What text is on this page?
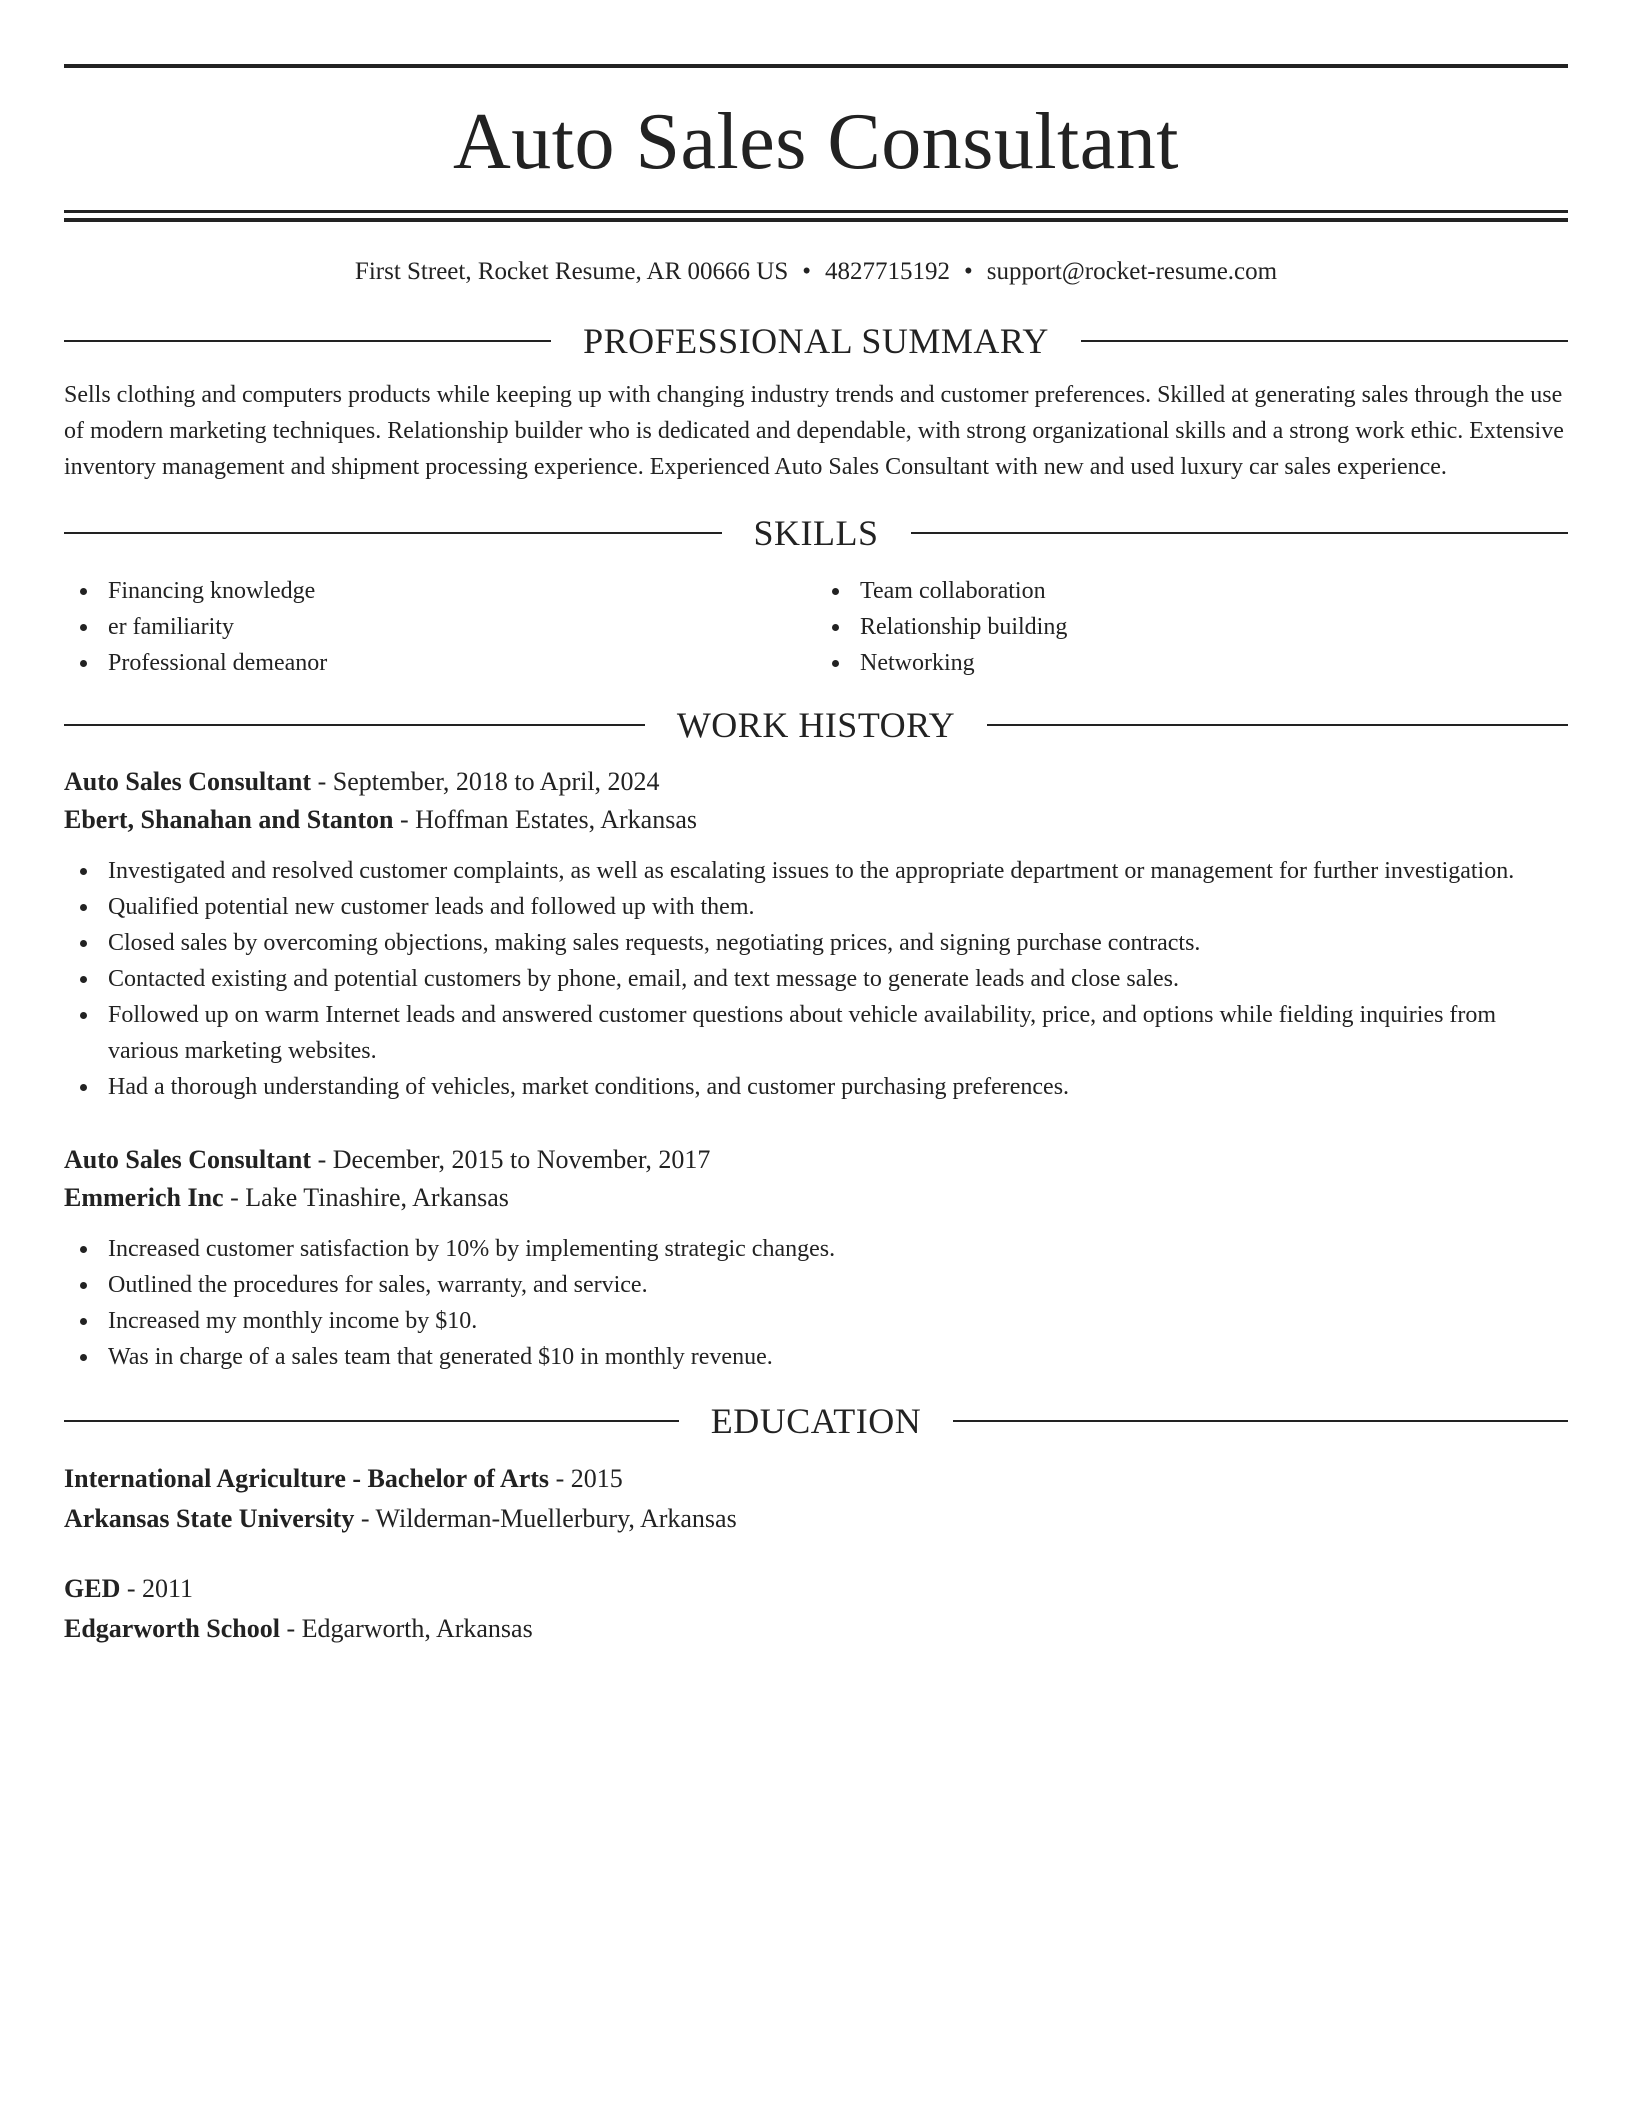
Auto Sales Consultant
First Street, Rocket Resume, AR 00666 US • 4827715192 • support@rocket-resume.com
PROFESSIONAL SUMMARY

Sells clothing and computers products while keeping up with changing industry trends and customer preferences. Skilled at generating sales through the use of modern marketing techniques. Relationship builder who is dedicated and dependable, with strong organizational skills and a strong work ethic. Extensive inventory management and shipment processing experience. Experienced Auto Sales Consultant with new and used luxury car sales experience.

SKILLS
Financing knowledge
er familiarity
Professional demeanor
Team collaboration
Relationship building
Networking
WORK HISTORY
Auto Sales Consultant - September, 2018 to April, 2024
Ebert, Shanahan and Stanton - Hoffman Estates, Arkansas
Investigated and resolved customer complaints, as well as escalating issues to the appropriate department or management for further investigation.
Qualified potential new customer leads and followed up with them.
Closed sales by overcoming objections, making sales requests, negotiating prices, and signing purchase contracts.
Contacted existing and potential customers by phone, email, and text message to generate leads and close sales.
Followed up on warm Internet leads and answered customer questions about vehicle availability, price, and options while fielding inquiries from various marketing websites.
Had a thorough understanding of vehicles, market conditions, and customer purchasing preferences.
Auto Sales Consultant - December, 2015 to November, 2017
Emmerich Inc - Lake Tinashire, Arkansas
Increased customer satisfaction by 10% by implementing strategic changes.
Outlined the procedures for sales, warranty, and service.
Increased my monthly income by $10.
Was in charge of a sales team that generated $10 in monthly revenue.
EDUCATION
International Agriculture - Bachelor of Arts - 2015
Arkansas State University - Wilderman-Muellerbury, Arkansas
GED - 2011
Edgarworth School - Edgarworth, Arkansas
